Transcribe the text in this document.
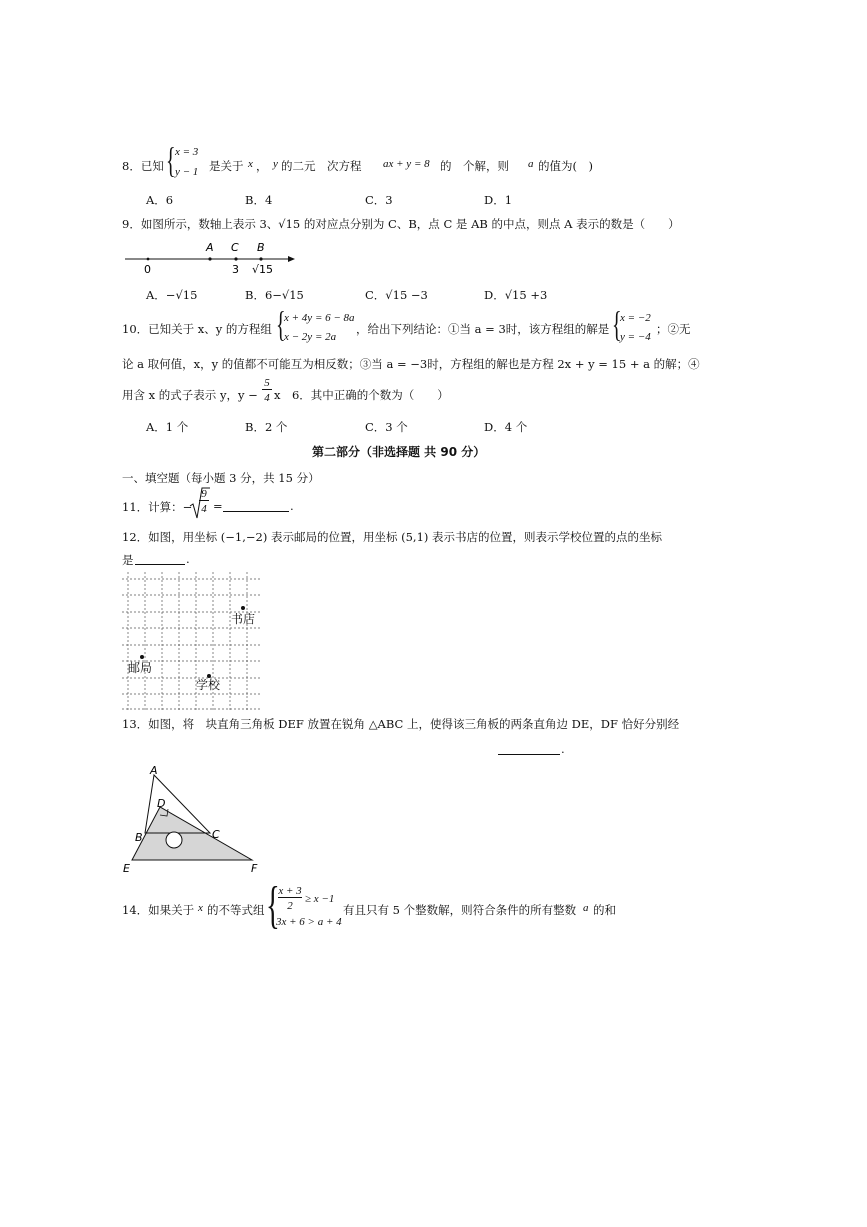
8．已知 { x = 3
y − 1 是关于 x ， y 的二元　次方程 ax + y = 8 的　个解，则 a 的值为(　)
A．6	B．4	C．3	D．1
9．如图所示，数轴上表示 3、√15 的对应点分别为 C、B，点 C 是 AB 的中点，则点 A 表示的数是（　　）
A C B
0	3 √15
A．−√15	B．6−√15	C．√15 −3	D．√15 +3
10．已知关于 x、y 的方程组 {
x + 4y = 6 − 8a
x − 2y = 2a
，给出下列结论：①当 a = 3时，该方程组的解是 {
x = −2
y = −4
；②无
论 a 取何值，x，y 的值都不可能互为相反数；③当 a = −3时，方程组的解也是方程 2x + y = 15 + a 的解；④
用含 x 的式子表示 y，y −
5
4 x　6．其中正确的个数为（　　）
A．1 个	B．2 个	C．3 个	D．4 个
第二部分（非选择题 共 90 分）
一、填空题（每小题 3 分，共 15 分）
11．计算：−
9
4 =	.
12．如图，用坐标 (−1,−2) 表示邮局的位置，用坐标 (5,1) 表示书店的位置，则表示学校位置的点的坐标
是	.
书店
邮局
学校
13．如图，将　块直角三角板 DEF 放置在锐角 △ABC 上，使得该三角板的两条直角边 DE，DF 恰好分别经
.
A
B	C
D
E	F
14．如果关于 x 的不等式组 {
x + 3
2
≥ x −1
3x + 6 > a + 4
有且只有 5 个整数解，则符合条件的所有整数 a 的和
